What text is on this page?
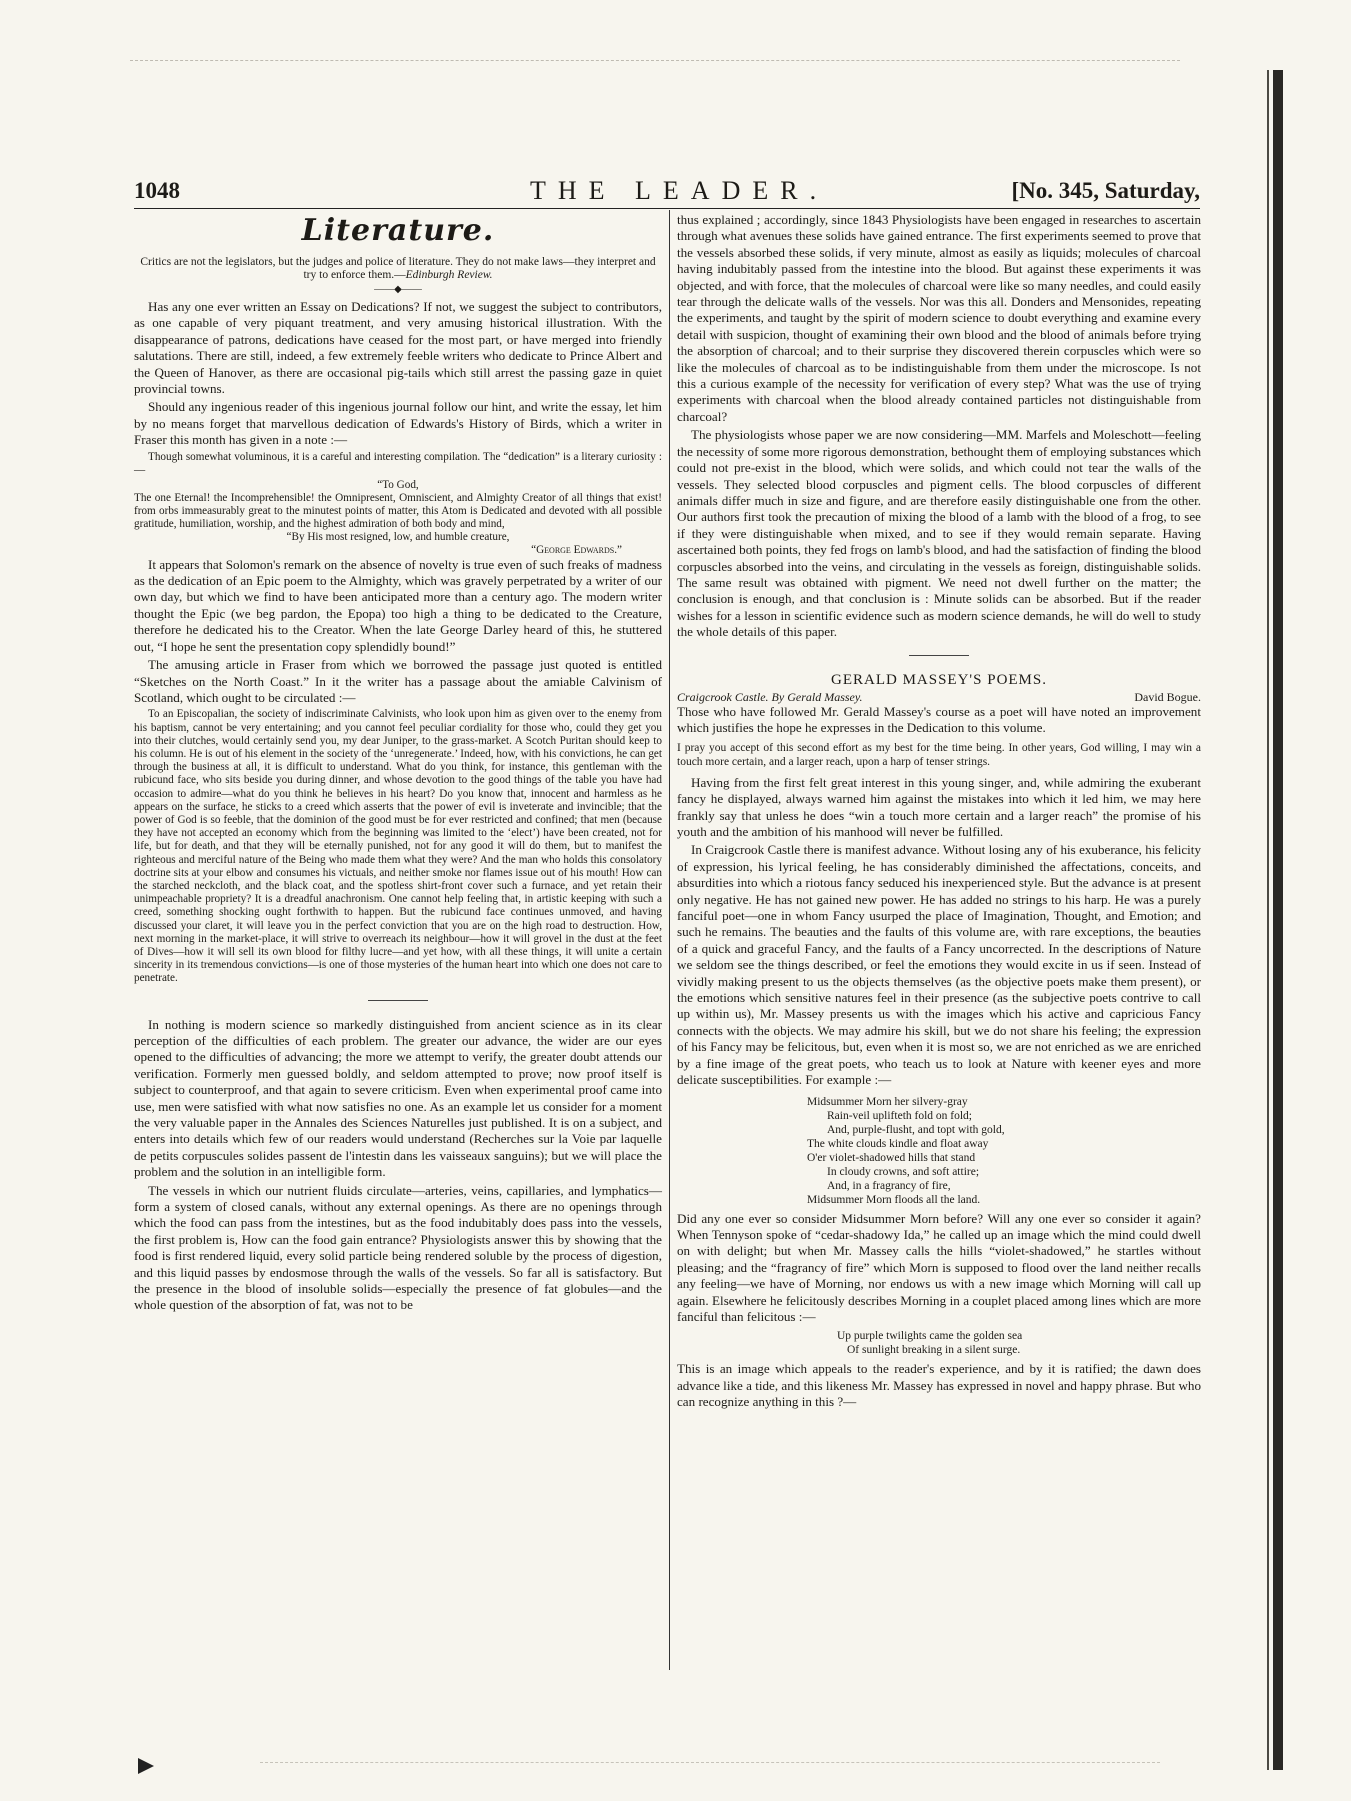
1048	THE LEADER.	[No. 345, Saturday,
Literature.
Critics are not the legislators, but the judges and police of literature. They do not make laws—they interpret and try to enforce them.—Edinburgh Review.
——◆——

Has any one ever written an Essay on Dedications? If not, we suggest the subject to contributors, as one capable of very piquant treatment, and very amusing historical illustration. With the disappearance of patrons, dedications have ceased for the most part, or have merged into friendly salutations. There are still, indeed, a few extremely feeble writers who dedicate to Prince Albert and the Queen of Hanover, as there are occasional pig-tails which still arrest the passing gaze in quiet provincial towns.

Should any ingenious reader of this ingenious journal follow our hint, and write the essay, let him by no means forget that marvellous dedication of Edwards's History of Birds, which a writer in Fraser this month has given in a note :—

Though somewhat voluminous, it is a careful and interesting compilation. The “dedication” is a literary curiosity :—

“To God,
The one Eternal! the Incomprehensible! the Omnipresent, Omniscient, and Almighty Creator of all things that exist! from orbs immeasurably great to the minutest points of matter, this Atom is Dedicated and devoted with all possible gratitude, humiliation, worship, and the highest admiration of both body and mind,
“By His most resigned, low, and humble creature,
“George Edwards.”

It appears that Solomon's remark on the absence of novelty is true even of such freaks of madness as the dedication of an Epic poem to the Almighty, which was gravely perpetrated by a writer of our own day, but which we find to have been anticipated more than a century ago. The modern writer thought the Epic (we beg pardon, the Epopa) too high a thing to be dedicated to the Creature, therefore he dedicated his to the Creator. When the late George Darley heard of this, he stuttered out, “I hope he sent the presentation copy splendidly bound!”

The amusing article in Fraser from which we borrowed the passage just quoted is entitled “Sketches on the North Coast.” In it the writer has a passage about the amiable Calvinism of Scotland, which ought to be circulated :—

To an Episcopalian, the society of indiscriminate Calvinists, who look upon him as given over to the enemy from his baptism, cannot be very entertaining; and you cannot feel peculiar cordiality for those who, could they get you into their clutches, would certainly send you, my dear Juniper, to the grass-market. A Scotch Puritan should keep to his column. He is out of his element in the society of the ‘unregenerate.’ Indeed, how, with his convictions, he can get through the business at all, it is difficult to understand. What do you think, for instance, this gentleman with the rubicund face, who sits beside you during dinner, and whose devotion to the good things of the table you have had occasion to admire—what do you think he believes in his heart? Do you know that, innocent and harmless as he appears on the surface, he sticks to a creed which asserts that the power of evil is inveterate and invincible; that the power of God is so feeble, that the dominion of the good must be for ever restricted and confined; that men (because they have not accepted an economy which from the beginning was limited to the ‘elect’) have been created, not for life, but for death, and that they will be eternally punished, not for any good it will do them, but to manifest the righteous and merciful nature of the Being who made them what they were? And the man who holds this consolatory doctrine sits at your elbow and consumes his victuals, and neither smoke nor flames issue out of his mouth! How can the starched neckcloth, and the black coat, and the spotless shirt-front cover such a furnace, and yet retain their unimpeachable propriety? It is a dreadful anachronism. One cannot help feeling that, in artistic keeping with such a creed, something shocking ought forthwith to happen. But the rubicund face continues unmoved, and having discussed your claret, it will leave you in the perfect conviction that you are on the high road to destruction. How, next morning in the market-place, it will strive to overreach its neighbour—how it will grovel in the dust at the feet of Dives—how it will sell its own blood for filthy lucre—and yet how, with all these things, it will unite a certain sincerity in its tremendous convictions—is one of those mysteries of the human heart into which one does not care to penetrate.

In nothing is modern science so markedly distinguished from ancient science as in its clear perception of the difficulties of each problem. The greater our advance, the wider are our eyes opened to the difficulties of advancing; the more we attempt to verify, the greater doubt attends our verification. Formerly men guessed boldly, and seldom attempted to prove; now proof itself is subject to counterproof, and that again to severe criticism. Even when experimental proof came into use, men were satisfied with what now satisfies no one. As an example let us consider for a moment the very valuable paper in the Annales des Sciences Naturelles just published. It is on a subject, and enters into details which few of our readers would understand (Recherches sur la Voie par laquelle de petits corpuscules solides passent de l'intestin dans les vaisseaux sanguins); but we will place the problem and the solution in an intelligible form.

The vessels in which our nutrient fluids circulate—arteries, veins, capillaries, and lymphatics—form a system of closed canals, without any external openings. As there are no openings through which the food can pass from the intestines, but as the food indubitably does pass into the vessels, the first problem is, How can the food gain entrance? Physiologists answer this by showing that the food is first rendered liquid, every solid particle being rendered soluble by the process of digestion, and this liquid passes by endosmose through the walls of the vessels. So far all is satisfactory. But the presence in the blood of insoluble solids—especially the presence of fat globules—and the whole question of the absorption of fat, was not to be

thus explained ; accordingly, since 1843 Physiologists have been engaged in researches to ascertain through what avenues these solids have gained entrance. The first experiments seemed to prove that the vessels absorbed these solids, if very minute, almost as easily as liquids; molecules of charcoal having indubitably passed from the intestine into the blood. But against these experiments it was objected, and with force, that the molecules of charcoal were like so many needles, and could easily tear through the delicate walls of the vessels. Nor was this all. Donders and Mensonides, repeating the experiments, and taught by the spirit of modern science to doubt everything and examine every detail with suspicion, thought of examining their own blood and the blood of animals before trying the absorption of charcoal; and to their surprise they discovered therein corpuscles which were so like the molecules of charcoal as to be indistinguishable from them under the microscope. Is not this a curious example of the necessity for verification of every step? What was the use of trying experiments with charcoal when the blood already contained particles not distinguishable from charcoal?

The physiologists whose paper we are now considering—MM. Marfels and Moleschott—feeling the necessity of some more rigorous demonstration, bethought them of employing substances which could not pre-exist in the blood, which were solids, and which could not tear the walls of the vessels. They selected blood corpuscles and pigment cells. The blood corpuscles of different animals differ much in size and figure, and are therefore easily distinguishable one from the other. Our authors first took the precaution of mixing the blood of a lamb with the blood of a frog, to see if they were distinguishable when mixed, and to see if they would remain separate. Having ascertained both points, they fed frogs on lamb's blood, and had the satisfaction of finding the blood corpuscles absorbed into the veins, and circulating in the vessels as foreign, distinguishable solids. The same result was obtained with pigment. We need not dwell further on the matter; the conclusion is enough, and that conclusion is : Minute solids can be absorbed. But if the reader wishes for a lesson in scientific evidence such as modern science demands, he will do well to study the whole details of this paper.

GERALD MASSEY'S POEMS.
Craigcrook Castle. By Gerald Massey.	David Bogue.

Those who have followed Mr. Gerald Massey's course as a poet will have noted an improvement which justifies the hope he expresses in the Dedication to this volume.

I pray you accept of this second effort as my best for the time being. In other years, God willing, I may win a touch more certain, and a larger reach, upon a harp of tenser strings.

Having from the first felt great interest in this young singer, and, while admiring the exuberant fancy he displayed, always warned him against the mistakes into which it led him, we may here frankly say that unless he does “win a touch more certain and a larger reach” the promise of his youth and the ambition of his manhood will never be fulfilled.

In Craigcrook Castle there is manifest advance. Without losing any of his exuberance, his felicity of expression, his lyrical feeling, he has considerably diminished the affectations, conceits, and absurdities into which a riotous fancy seduced his inexperienced style. But the advance is at present only negative. He has not gained new power. He has added no strings to his harp. He was a purely fanciful poet—one in whom Fancy usurped the place of Imagination, Thought, and Emotion; and such he remains. The beauties and the faults of this volume are, with rare exceptions, the beauties of a quick and graceful Fancy, and the faults of a Fancy uncorrected. In the descriptions of Nature we seldom see the things described, or feel the emotions they would excite in us if seen. Instead of vividly making present to us the objects themselves (as the objective poets make them present), or the emotions which sensitive natures feel in their presence (as the subjective poets contrive to call up within us), Mr. Massey presents us with the images which his active and capricious Fancy connects with the objects. We may admire his skill, but we do not share his feeling; the expression of his Fancy may be felicitous, but, even when it is most so, we are not enriched as we are enriched by a fine image of the great poets, who teach us to look at Nature with keener eyes and more delicate susceptibilities. For example :—

Midsummer Morn her silvery-gray
Rain-veil uplifteth fold on fold;
And, purple-flusht, and topt with gold,
The white clouds kindle and float away
O'er violet-shadowed hills that stand
In cloudy crowns, and soft attire;
And, in a fragrancy of fire,
Midsummer Morn floods all the land.

Did any one ever so consider Midsummer Morn before? Will any one ever so consider it again? When Tennyson spoke of “cedar-shadowy Ida,” he called up an image which the mind could dwell on with delight; but when Mr. Massey calls the hills “violet-shadowed,” he startles without pleasing; and the “fragrancy of fire” which Morn is supposed to flood over the land neither recalls any feeling—we have of Morning, nor endows us with a new image which Morning will call up again. Elsewhere he felicitously describes Morning in a couplet placed among lines which are more fanciful than felicitous :—

Up purple twilights came the golden sea
Of sunlight breaking in a silent surge.

This is an image which appeals to the reader's experience, and by it is ratified; the dawn does advance like a tide, and this likeness Mr. Massey has expressed in novel and happy phrase. But who can recognize anything in this ?—
